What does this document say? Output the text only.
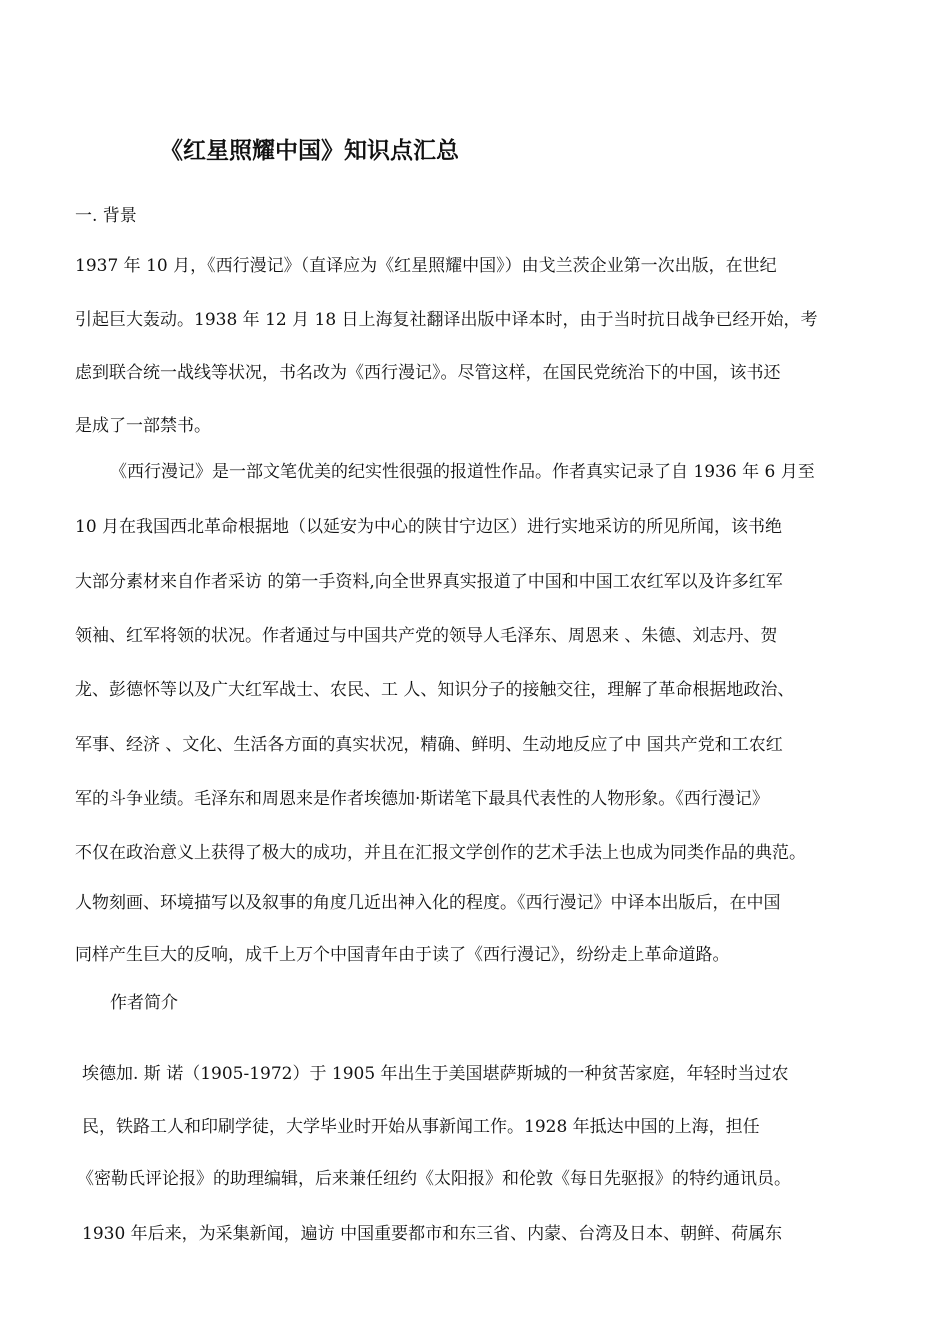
《红星照耀中国》知识点汇总
一. 背景
1937 年 10 月，《西行漫记》（直译应为《红星照耀中国》）由戈兰茨企业第一次出版，在世纪
引起巨大轰动。1938 年 12 月 18 日上海复社翻译出版中译本时，由于当时抗日战争已经开始，考
虑到联合统一战线等状况，书名改为《西行漫记》。尽管这样，在国民党统治下的中国，该书还
是成了一部禁书。
《西行漫记》是一部文笔优美的纪实性很强的报道性作品。作者真实记录了自 1936 年 6 月至
10 月在我国西北革命根据地（以延安为中心的陕甘宁边区）进行实地采访的所见所闻，该书绝
大部分素材来自作者采访 的第一手资料,向全世界真实报道了中国和中国工农红军以及许多红军
领袖、红军将领的状况。作者通过与中国共产党的领导人毛泽东、周恩来 、朱德、刘志丹、贺
龙、彭德怀等以及广大红军战士、农民、工 人、知识分子的接触交往，理解了革命根据地政治、
军事、经济 、文化、生活各方面的真实状况，精确、鲜明、生动地反应了中 国共产党和工农红
军的斗争业绩。毛泽东和周恩来是作者埃德加·斯诺笔下最具代表性的人物形象。《西行漫记》
不仅在政治意义上获得了极大的成功，并且在汇报文学创作的艺术手法上也成为同类作品的典范。
人物刻画、环境描写以及叙事的角度几近出神入化的程度。《西行漫记》中译本出版后，在中国
同样产生巨大的反响，成千上万个中国青年由于读了《西行漫记》，纷纷走上革命道路。
作者简介
埃德加. 斯 诺（1905-1972）于 1905 年出生于美国堪萨斯城的一种贫苦家庭，年轻时当过农
民，铁路工人和印刷学徒，大学毕业时开始从事新闻工作。1928 年抵达中国的上海，担任
《密勒氏评论报》的助理编辑，后来兼任纽约《太阳报》和伦敦《每日先驱报》的特约通讯员。
1930 年后来，为采集新闻，遍访 中国重要都市和东三省、内蒙、台湾及日本、朝鲜、荷属东
